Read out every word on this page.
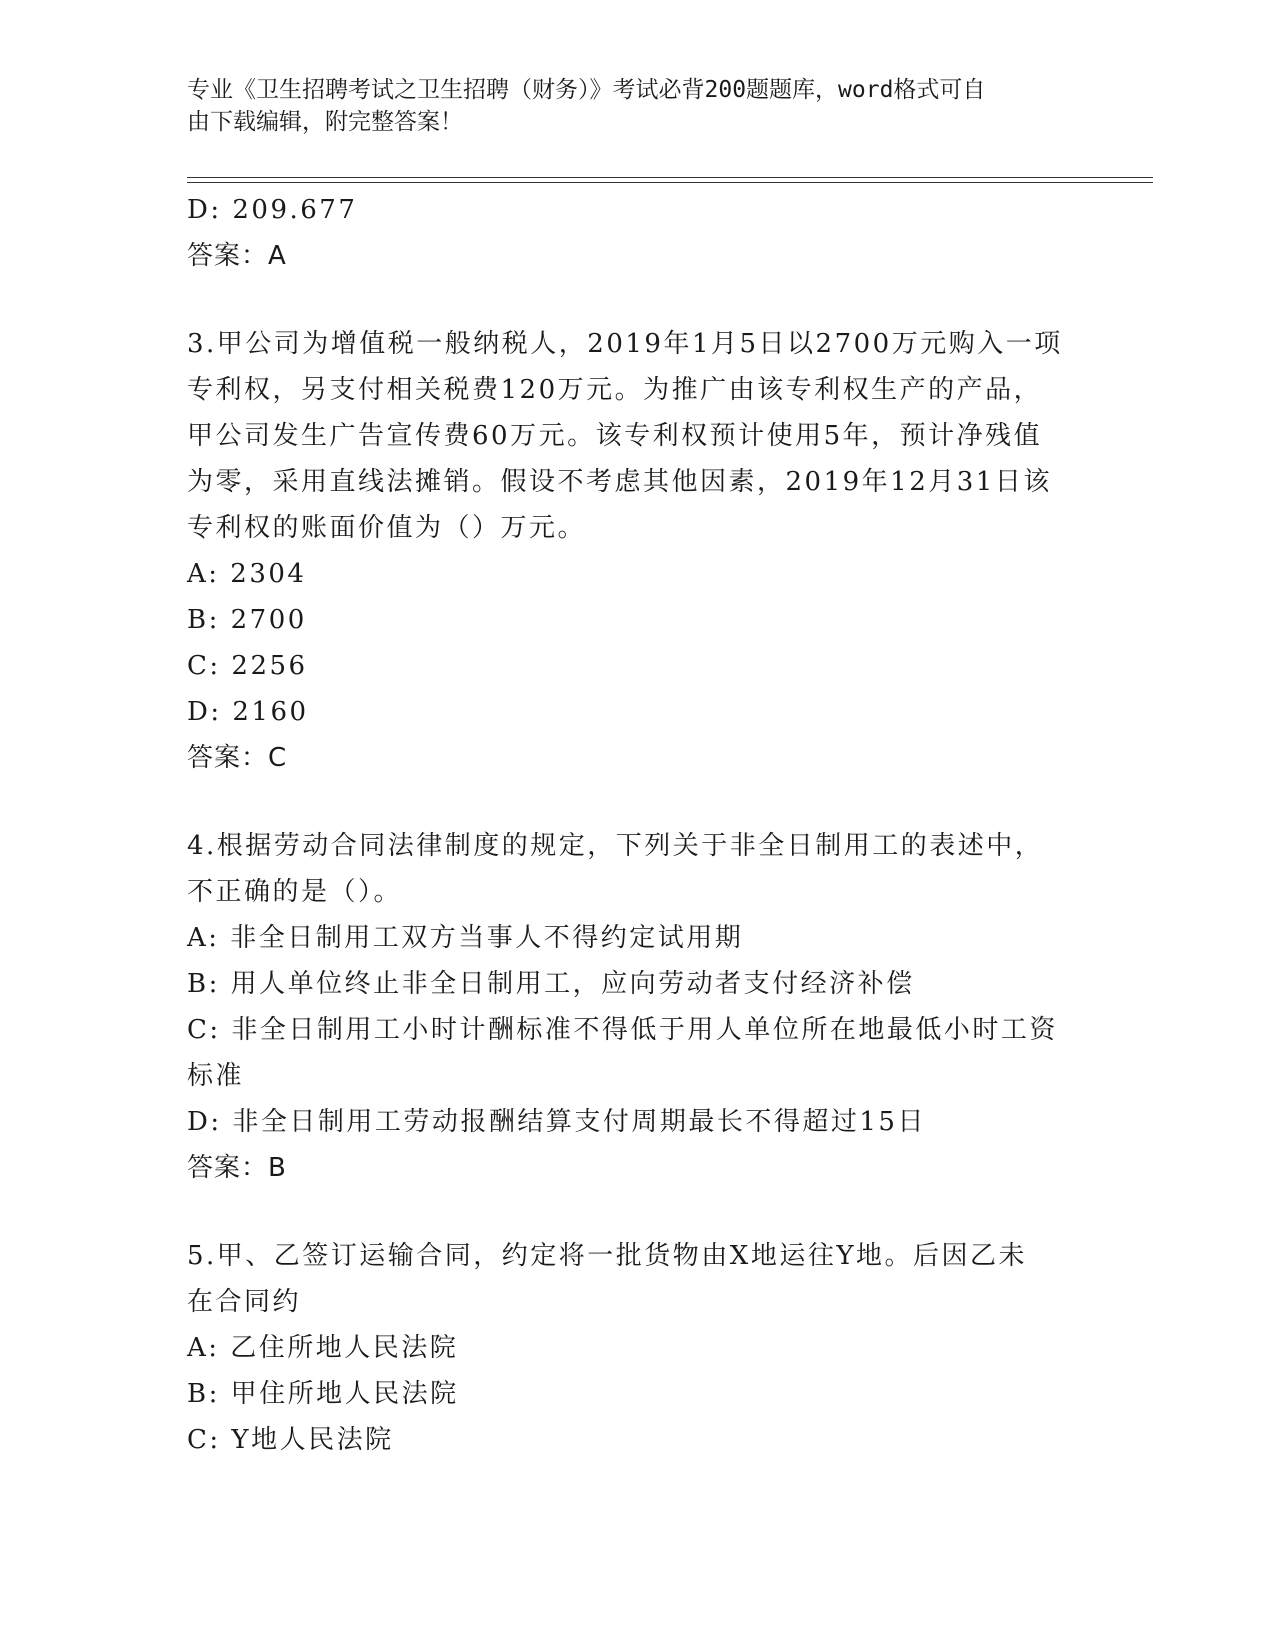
专业《卫生招聘考试之卫生招聘（财务）》考试必背200题题库，word格式可自
由下载编辑，附完整答案！
D: 209.677
答案：A
3.甲公司为增值税一般纳税人，2019年1月5日以2700万元购入一项
专利权，另支付相关税费120万元。为推广由该专利权生产的产品，
甲公司发生广告宣传费60万元。该专利权预计使用5年，预计净残值
为零，采用直线法摊销。假设不考虑其他因素，2019年12月31日该
专利权的账面价值为（）万元。
A: 2304
B: 2700
C: 2256
D: 2160
答案：C
4.根据劳动合同法律制度的规定，下列关于非全日制用工的表述中，
不正确的是（）。
A: 非全日制用工双方当事人不得约定试用期
B: 用人单位终止非全日制用工，应向劳动者支付经济补偿
C: 非全日制用工小时计酬标准不得低于用人单位所在地最低小时工资
标准
D: 非全日制用工劳动报酬结算支付周期最长不得超过15日
答案：B
5.甲、乙签订运输合同，约定将一批货物由X地运往Y地。后因乙未
在合同约
A: 乙住所地人民法院
B: 甲住所地人民法院
C: Y地人民法院
